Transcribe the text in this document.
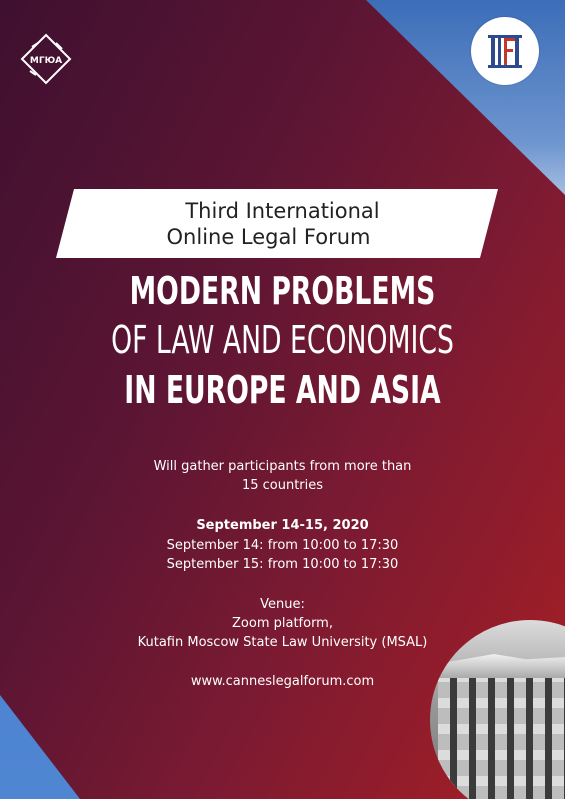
МГЮА
Third International
Online Legal Forum
MODERN PROBLEMS
OF LAW AND ECONOMICS
IN EUROPE AND ASIA
Will gather participants from more than
15 countries
September 14-15, 2020
September 14: from 10:00 to 17:30
September 15: from 10:00 to 17:30
Venue:
Zoom platform,
Kutafin Moscow State Law University (MSAL)
www.canneslegalforum.com
